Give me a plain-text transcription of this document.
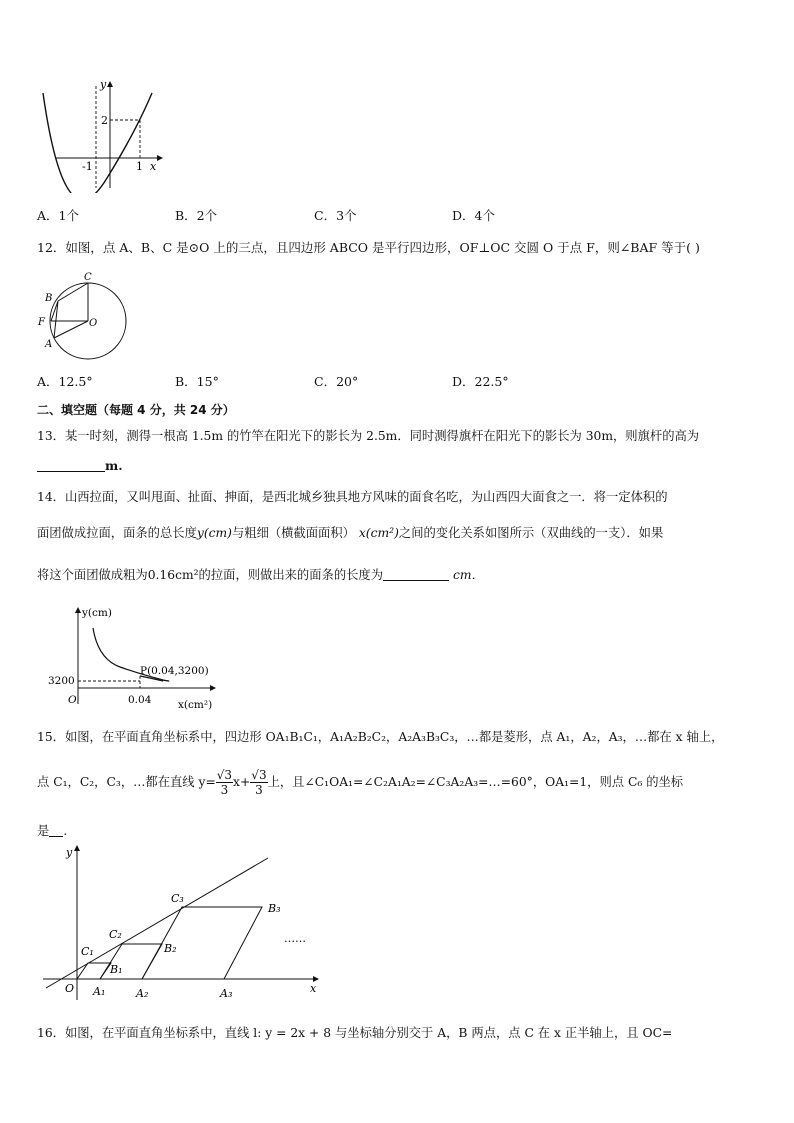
y
x
2
-1	1
A．1个	B．2个	C．3个	D．4个
12．如图，点 A、B、C 是⊙O 上的三点，且四边形 ABCO 是平行四边形，OF⊥OC 交圆 O 于点 F，则∠BAF 等于( )
C
B
F	O
A
A．12.5°	B．15°	C．20°	D．22.5°
二、填空题（每题 4 分，共 24 分）
13．某一时刻，测得一根高 1.5m 的竹竿在阳光下的影长为 2.5m．同时测得旗杆在阳光下的影长为 30m，则旗杆的高为
m.
14．山西拉面，又叫甩面、扯面、抻面，是西北城乡独具地方风味的面食名吃，为山西四大面食之一．将一定体积的
面团做成拉面，面条的总长度y(cm)与粗细（横截面面积） x(cm²)之间的变化关系如图所示（双曲线的一支）．如果
将这个面团做成粗为0.16cm²的拉面，则做出来的面条的长度为	cm．
y(cm)
x(cm²)
P(0.04,3200)
3200
0.04
O
15．如图，在平面直角坐标系中，四边形 OA₁B₁C₁，A₁A₂B₂C₂，A₂A₃B₃C₃，…都是菱形，点 A₁，A₂，A₃，…都在 x 轴上，
点 C₁，C₂，C₃，…都在直线 $y= \frac{√3}{3} x+ \frac{√3}{3}$ 上，且∠C₁OA₁=∠C₂A₁A₂=∠C₃A₂A₃=…=60°，OA₁=1，则点 C₆ 的坐标
是 .
y
x
O A₁	A₂	A₃
B₁
B₂
B₃
C₁
C₂
C₃
……
16．如图，在平面直角坐标系中，直线 l: y = 2x + 8 与坐标轴分别交于 A，B 两点，点 C 在 x 正半轴上，且 OC=
